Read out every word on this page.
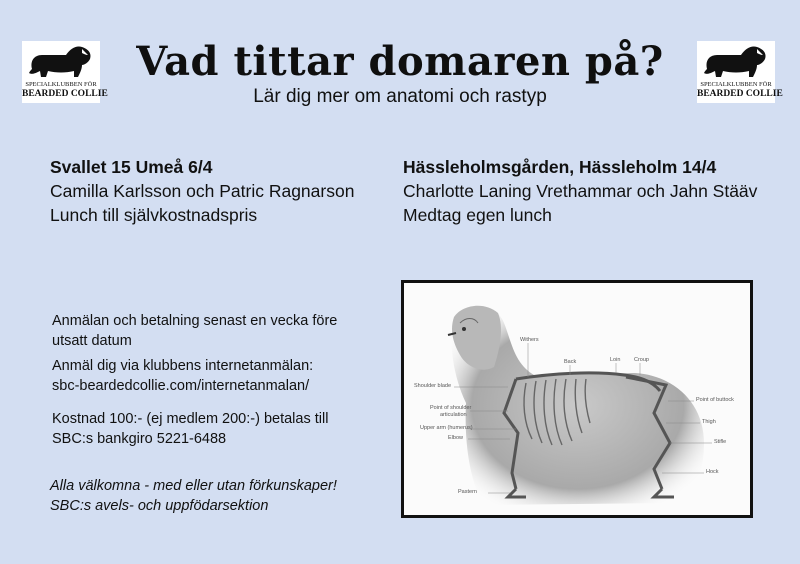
SPECIALKLUBBEN FÖR
BEARDED COLLIE
SPECIALKLUBBEN FÖR
BEARDED COLLIE
Vad tittar domaren på?
Lär dig mer om anatomi och rastyp
Svallet 15 Umeå 6/4
Camilla Karlsson och Patric Ragnarson
Lunch till självkostnadspris
Hässleholmsgården, Hässleholm 14/4
Charlotte Laning Vrethammar och Jahn Stääv
Medtag egen lunch

Anmälan och betalning senast en vecka före

utsatt datum

Anmäl dig via klubbens internetanmälan:

sbc-beardedcollie.com/internetanmalan/

Kostnad 100:- (ej medlem 200:-) betalas till

SBC:s bankgiro 5221-6488

Alla välkomna - med eller utan förkunskaper!
SBC:s avels- och uppfödarsektion
Withers
Back	Loin Croup
Shoulder blade
Point of buttock
Point of shoulder
articulation
Upper arm (humerus)
Elbow
Thigh
Stifle
Hock
Pastern
